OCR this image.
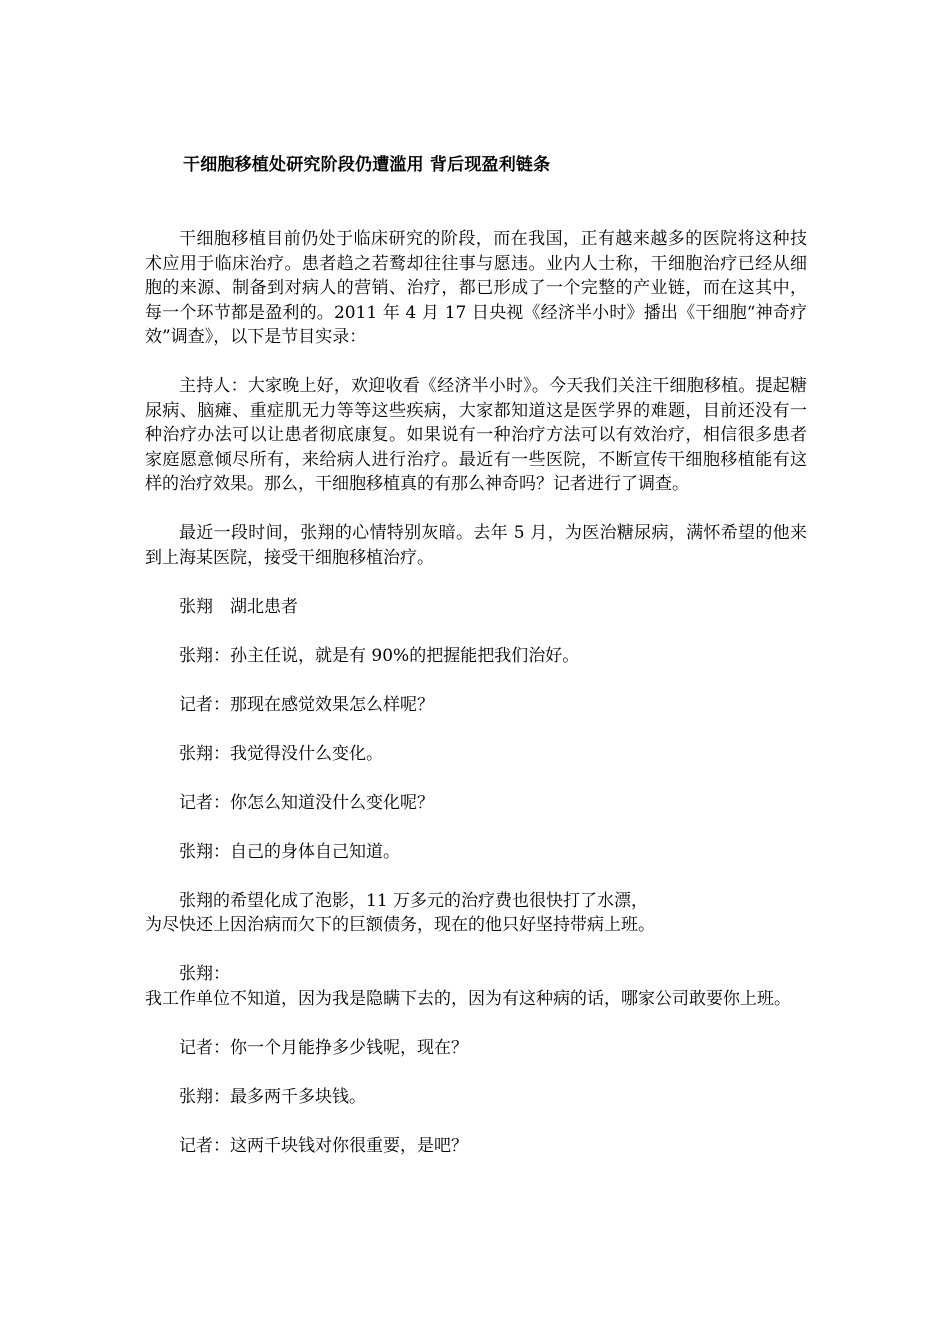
干细胞移植处研究阶段仍遭滥用 背后现盈利链条

干细胞移植目前仍处于临床研究的阶段，而在我国，正有越来越多的医院将这种技术应用于临床治疗。患者趋之若鹜却往往事与愿违。业内人士称，干细胞治疗已经从细胞的来源、制备到对病人的营销、治疗，都已形成了一个完整的产业链，而在这其中，每一个环节都是盈利的。2011 年 4 月 17 日央视《经济半小时》播出《干细胞“神奇疗效”调查》，以下是节目实录：

主持人：大家晚上好，欢迎收看《经济半小时》。今天我们关注干细胞移植。提起糖尿病、脑瘫、重症肌无力等等这些疾病，大家都知道这是医学界的难题，目前还没有一种治疗办法可以让患者彻底康复。如果说有一种治疗方法可以有效治疗，相信很多患者家庭愿意倾尽所有，来给病人进行治疗。最近有一些医院，不断宣传干细胞移植能有这样的治疗效果。那么，干细胞移植真的有那么神奇吗？记者进行了调查。

最近一段时间，张翔的心情特别灰暗。去年 5 月，为医治糖尿病，满怀希望的他来到上海某医院，接受干细胞移植治疗。

张翔　湖北患者

张翔：孙主任说，就是有 90%的把握能把我们治好。

记者：那现在感觉效果怎么样呢？

张翔：我觉得没什么变化。

记者：你怎么知道没什么变化呢？

张翔：自己的身体自己知道。

张翔的希望化成了泡影，11 万多元的治疗费也很快打了水漂，
为尽快还上因治病而欠下的巨额债务，现在的他只好坚持带病上班。
张翔：
我工作单位不知道，因为我是隐瞒下去的，因为有这种病的话，哪家公司敢要你上班。

记者：你一个月能挣多少钱呢，现在？

张翔：最多两千多块钱。

记者：这两千块钱对你很重要，是吧？
